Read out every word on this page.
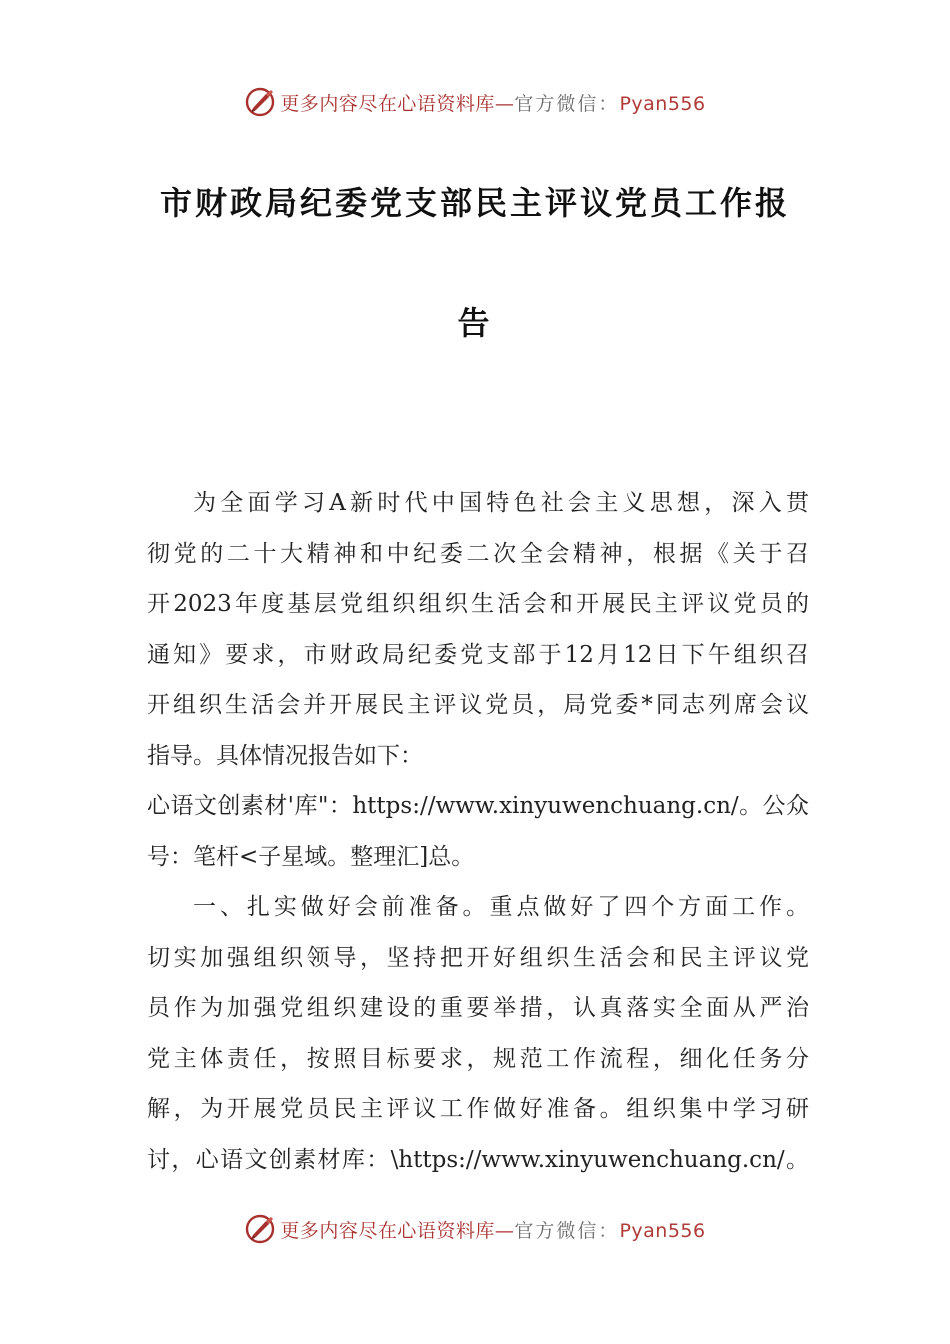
更多内容尽在心语资料库—官方微信：Pyan556
市财政局纪委党支部民主评议党员工作报
告
为全面学习A新时代中国特色社会主义思想，深入贯
彻党的二十大精神和中纪委二次全会精神，根据《关于召
开2023年度基层党组织组织生活会和开展民主评议党员的
通知》要求，市财政局纪委党支部于12月12日下午组织召
开组织生活会并开展民主评议党员，局党委*同志列席会议
指导。具体情况报告如下：
心语文创素材'库"：https://www.xinyuwenchuang.cn/。公众
号：笔杆<子星域。整理汇]总。
一、扎实做好会前准备。重点做好了四个方面工作。
切实加强组织领导，坚持把开好组织生活会和民主评议党
员作为加强党组织建设的重要举措，认真落实全面从严治
党主体责任，按照目标要求，规范工作流程，细化任务分
解，为开展党员民主评议工作做好准备。组织集中学习研
讨，心语文创素材库：\https://www.xinyuwenchuang.cn/。
更多内容尽在心语资料库—官方微信：Pyan556
